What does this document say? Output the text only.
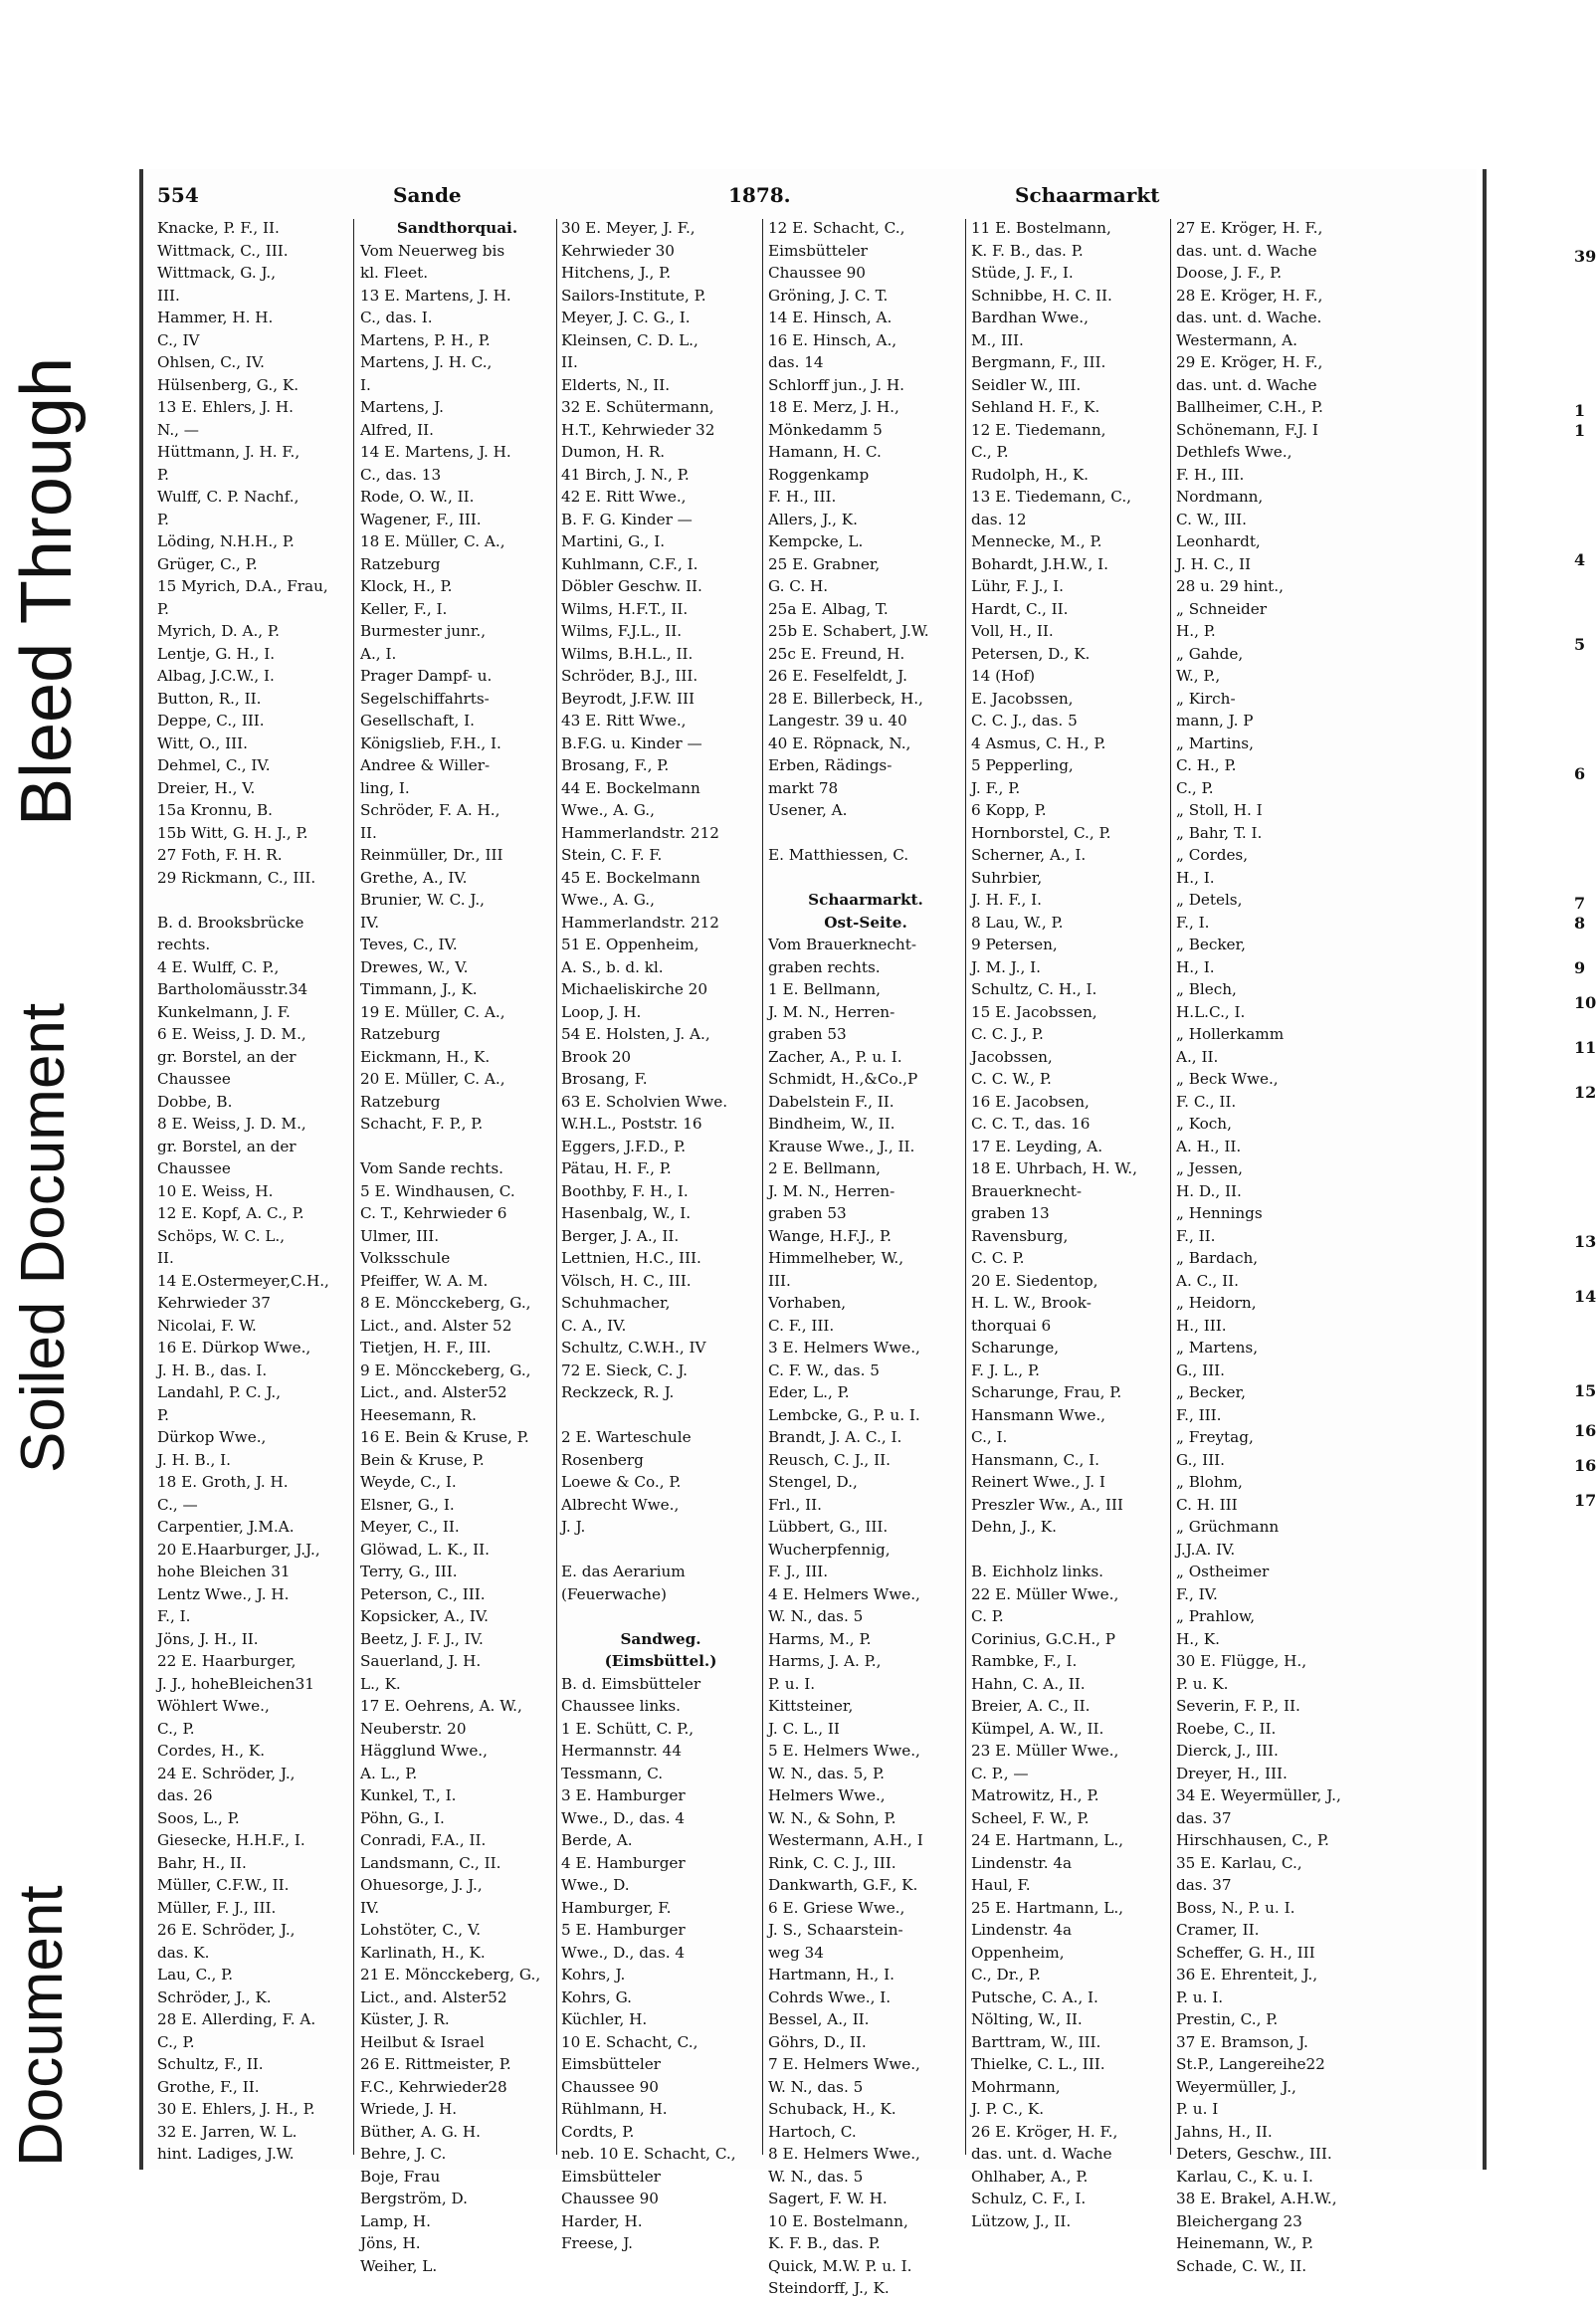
Bleed Through
Soiled Document
Document
39
1
1
4
5
6
7
8
9
10
11
12
13
14
15
16
16
17
554	Sande	1878.	Schaarmarkt
Knacke, P. F., II.
Wittmack, C., III.
Wittmack, G. J.,
III.
Hammer, H. H.
C., IV
Ohlsen, C., IV.
Hülsenberg, G., K.
13 E. Ehlers, J. H.
N., —
Hüttmann, J. H. F.,
P.
Wulff, C. P. Nachf.,
P.
Löding, N.H.H., P.
Grüger, C., P.
15 Myrich, D.A., Frau,
P.
Myrich, D. A., P.
Lentje, G. H., I.
Albag, J.C.W., I.
Button, R., II.
Deppe, C., III.
Witt, O., III.
Dehmel, C., IV.
Dreier, H., V.
15a Kronnu, B.
15b Witt, G. H. J., P.
27 Foth, F. H. R.
29 Rickmann, C., III.

B. d. Brooksbrücke
rechts.
4 E. Wulff, C. P.,
Bartholomäusstr.34
Kunkelmann, J. F.
6 E. Weiss, J. D. M.,
gr. Borstel, an der
Chaussee
Dobbe, B.
8 E. Weiss, J. D. M.,
gr. Borstel, an der
Chaussee
10 E. Weiss, H.
12 E. Kopf, A. C., P.
Schöps, W. C. L.,
II.
14 E.Ostermeyer,C.H.,
Kehrwieder 37
Nicolai, F. W.
16 E. Dürkop Wwe.,
J. H. B., das. I.
Landahl, P. C. J.,
P.
Dürkop Wwe.,
J. H. B., I.
18 E. Groth, J. H.
C., —
Carpentier, J.M.A.
20 E.Haarburger, J.J.,
hohe Bleichen 31
Lentz Wwe., J. H.
F., I.
Jöns, J. H., II.
22 E. Haarburger,
J. J., hoheBleichen31
Wöhlert Wwe.,
C., P.
Cordes, H., K.
24 E. Schröder, J.,
das. 26
Soos, L., P.
Giesecke, H.H.F., I.
Bahr, H., II.
Müller, C.F.W., II.
Müller, F. J., III.
26 E. Schröder, J.,
das. K.
Lau, C., P.
Schröder, J., K.
28 E. Allerding, F. A.
C., P.
Schultz, F., II.
Grothe, F., II.
30 E. Ehlers, J. H., P.
32 E. Jarren, W. L.
hint. Ladiges, J.W.
Sandthorquai.
Vom Neuerweg bis
kl. Fleet.
13 E. Martens, J. H.
C., das. I.
Martens, P. H., P.
Martens, J. H. C.,
I.
Martens, J.
Alfred, II.
14 E. Martens, J. H.
C., das. 13
Rode, O. W., II.
Wagener, F., III.
18 E. Müller, C. A.,
Ratzeburg
Klock, H., P.
Keller, F., I.
Burmester junr.,
A., I.
Prager Dampf- u.
Segelschiffahrts-
Gesellschaft, I.
Königslieb, F.H., I.
Andree & Willer-
ling, I.
Schröder, F. A. H.,
II.
Reinmüller, Dr., III
Grethe, A., IV.
Brunier, W. C. J.,
IV.
Teves, C., IV.
Drewes, W., V.
Timmann, J., K.
19 E. Müller, C. A.,
Ratzeburg
Eickmann, H., K.
20 E. Müller, C. A.,
Ratzeburg
Schacht, F. P., P.

Vom Sande rechts.
5 E. Windhausen, C.
C. T., Kehrwieder 6
Ulmer, III.
Volksschule
Pfeiffer, W. A. M.
8 E. Möncckeberg, G.,
Lict., and. Alster 52
Tietjen, H. F., III.
9 E. Möncckeberg, G.,
Lict., and. Alster52
Heesemann, R.
16 E. Bein & Kruse, P.
Bein & Kruse, P.
Weyde, C., I.
Elsner, G., I.
Meyer, C., II.
Glöwad, L. K., II.
Terry, G., III.
Peterson, C., III.
Kopsicker, A., IV.
Beetz, J. F. J., IV.
Sauerland, J. H.
L., K.
17 E. Oehrens, A. W.,
Neuberstr. 20
Hägglund Wwe.,
A. L., P.
Kunkel, T., I.
Pöhn, G., I.
Conradi, F.A., II.
Landsmann, C., II.
Ohuesorge, J. J.,
IV.
Lohstöter, C., V.
Karlinath, H., K.
21 E. Möncckeberg, G.,
Lict., and. Alster52
Küster, J. R.
Heilbut & Israel
26 E. Rittmeister, P.
F.C., Kehrwieder28
Wriede, J. H.
Büther, A. G. H.
Behre, J. C.
Boje, Frau
Bergström, D.
Lamp, H.
Jöns, H.
Weiher, L.
30 E. Meyer, J. F.,
Kehrwieder 30
Hitchens, J., P.
Sailors-Institute, P.
Meyer, J. C. G., I.
Kleinsen, C. D. L.,
II.
Elderts, N., II.
32 E. Schütermann,
H.T., Kehrwieder 32
Dumon, H. R.
41 Birch, J. N., P.
42 E. Ritt Wwe.,
B. F. G. Kinder —
Martini, G., I.
Kuhlmann, C.F., I.
Döbler Geschw. II.
Wilms, H.F.T., II.
Wilms, F.J.L., II.
Wilms, B.H.L., II.
Schröder, B.J., III.
Beyrodt, J.F.W. III
43 E. Ritt Wwe.,
B.F.G. u. Kinder —
Brosang, F., P.
44 E. Bockelmann
Wwe., A. G.,
Hammerlandstr. 212
Stein, C. F. F.
45 E. Bockelmann
Wwe., A. G.,
Hammerlandstr. 212
51 E. Oppenheim,
A. S., b. d. kl.
Michaeliskirche 20
Loop, J. H.
54 E. Holsten, J. A.,
Brook 20
Brosang, F.
63 E. Scholvien Wwe.
W.H.L., Poststr. 16
Eggers, J.F.D., P.
Pätau, H. F., P.
Boothby, F. H., I.
Hasenbalg, W., I.
Berger, J. A., II.
Lettnien, H.C., III.
Völsch, H. C., III.
Schuhmacher,
C. A., IV.
Schultz, C.W.H., IV
72 E. Sieck, C. J.
Reckzeck, R. J.

2 E. Warteschule
Rosenberg
Loewe & Co., P.
Albrecht Wwe.,
J. J.

E. das Aerarium
(Feuerwache)

Sandweg.
(Eimsbüttel.)
B. d. Eimsbütteler
Chaussee links.
1 E. Schütt, C. P.,
Hermannstr. 44
Tessmann, C.
3 E. Hamburger
Wwe., D., das. 4
Berde, A.
4 E. Hamburger
Wwe., D.
Hamburger, F.
5 E. Hamburger
Wwe., D., das. 4
Kohrs, J.
Kohrs, G.
Küchler, H.
10 E. Schacht, C.,
Eimsbütteler
Chaussee 90
Rühlmann, H.
Cordts, P.
neb. 10 E. Schacht, C.,
Eimsbütteler
Chaussee 90
Harder, H.
Freese, J.
12 E. Schacht, C.,
Eimsbütteler
Chaussee 90
Gröning, J. C. T.
14 E. Hinsch, A.
16 E. Hinsch, A.,
das. 14
Schlorff jun., J. H.
18 E. Merz, J. H.,
Mönkedamm 5
Hamann, H. C.
Roggenkamp
F. H., III.
Allers, J., K.
Kempcke, L.
25 E. Grabner,
G. C. H.
25a E. Albag, T.
25b E. Schabert, J.W.
25c E. Freund, H.
26 E. Feselfeldt, J.
28 E. Billerbeck, H.,
Langestr. 39 u. 40
40 E. Röpnack, N.,
Erben, Rädings-
markt 78
Usener, A.

E. Matthiessen, C.

Schaarmarkt.
Ost-Seite.
Vom Brauerknecht-
graben rechts.
1 E. Bellmann,
J. M. N., Herren-
graben 53
Zacher, A., P. u. I.
Schmidt, H.,&Co.,P
Dabelstein F., II.
Bindheim, W., II.
Krause Wwe., J., II.
2 E. Bellmann,
J. M. N., Herren-
graben 53
Wange, H.F.J., P.
Himmelheber, W.,
III.
Vorhaben,
C. F., III.
3 E. Helmers Wwe.,
C. F. W., das. 5
Eder, L., P.
Lembcke, G., P. u. I.
Brandt, J. A. C., I.
Reusch, C. J., II.
Stengel, D.,
Frl., II.
Lübbert, G., III.
Wucherpfennig,
F. J., III.
4 E. Helmers Wwe.,
W. N., das. 5
Harms, M., P.
Harms, J. A. P.,
P. u. I.
Kittsteiner,
J. C. L., II
5 E. Helmers Wwe.,
W. N., das. 5, P.
Helmers Wwe.,
W. N., & Sohn, P.
Westermann, A.H., I
Rink, C. C. J., III.
Dankwarth, G.F., K.
6 E. Griese Wwe.,
J. S., Schaarstein-
weg 34
Hartmann, H., I.
Cohrds Wwe., I.
Bessel, A., II.
Göhrs, D., II.
7 E. Helmers Wwe.,
W. N., das. 5
Schuback, H., K.
Hartoch, C.
8 E. Helmers Wwe.,
W. N., das. 5
Sagert, F. W. H.
10 E. Bostelmann,
K. F. B., das. P.
Quick, M.W. P. u. I.
Steindorff, J., K.
11 E. Bostelmann,
K. F. B., das. P.
Stüde, J. F., I.
Schnibbe, H. C. II.
Bardhan Wwe.,
M., III.
Bergmann, F., III.
Seidler W., III.
Sehland H. F., K.
12 E. Tiedemann,
C., P.
Rudolph, H., K.
13 E. Tiedemann, C.,
das. 12
Mennecke, M., P.
Bohardt, J.H.W., I.
Lühr, F. J., I.
Hardt, C., II.
Voll, H., II.
Petersen, D., K.
14 (Hof)
E. Jacobssen,
C. C. J., das. 5
4 Asmus, C. H., P.
5 Pepperling,
J. F., P.
6 Kopp, P.
Hornborstel, C., P.
Scherner, A., I.
Suhrbier,
J. H. F., I.
8 Lau, W., P.
9 Petersen,
J. M. J., I.
Schultz, C. H., I.
15 E. Jacobssen,
C. C. J., P.
Jacobssen,
C. C. W., P.
16 E. Jacobsen,
C. C. T., das. 16
17 E. Leyding, A.
18 E. Uhrbach, H. W.,
Brauerknecht-
graben 13
Ravensburg,
C. C. P.
20 E. Siedentop,
H. L. W., Brook-
thorquai 6
Scharunge,
F. J. L., P.
Scharunge, Frau, P.
Hansmann Wwe.,
C., I.
Hansmann, C., I.
Reinert Wwe., J. I
Preszler Ww., A., III
Dehn, J., K.

B. Eichholz links.
22 E. Müller Wwe.,
C. P.
Corinius, G.C.H., P
Rambke, F., I.
Hahn, C. A., II.
Breier, A. C., II.
Kümpel, A. W., II.
23 E. Müller Wwe.,
C. P., —
Matrowitz, H., P.
Scheel, F. W., P.
24 E. Hartmann, L.,
Lindenstr. 4a
Haul, F.
25 E. Hartmann, L.,
Lindenstr. 4a
Oppenheim,
C., Dr., P.
Putsche, C. A., I.
Nölting, W., II.
Barttram, W., III.
Thielke, C. L., III.
Mohrmann,
J. P. C., K.
26 E. Kröger, H. F.,
das. unt. d. Wache
Ohlhaber, A., P.
Schulz, C. F., I.
Lützow, J., II.
27 E. Kröger, H. F.,
das. unt. d. Wache
Doose, J. F., P.
28 E. Kröger, H. F.,
das. unt. d. Wache.
Westermann, A.
29 E. Kröger, H. F.,
das. unt. d. Wache
Ballheimer, C.H., P.
Schönemann, F.J. I
Dethlefs Wwe.,
F. H., III.
Nordmann,
C. W., III.
Leonhardt,
J. H. C., II
28 u. 29 hint.,
„ Schneider
H., P.
„ Gahde,
W., P.,
„ Kirch-
mann, J. P
„ Martins,
C. H., P.
C., P.
„ Stoll, H. I
„ Bahr, T. I.
„ Cordes,
H., I.
„ Detels,
F., I.
„ Becker,
H., I.
„ Blech,
H.L.C., I.
„ Hollerkamm
A., II.
„ Beck Wwe.,
F. C., II.
„ Koch,
A. H., II.
„ Jessen,
H. D., II.
„ Hennings
F., II.
„ Bardach,
A. C., II.
„ Heidorn,
H., III.
„ Martens,
G., III.
„ Becker,
F., III.
„ Freytag,
G., III.
„ Blohm,
C. H. III
„ Grüchmann
J.J.A. IV.
„ Ostheimer
F., IV.
„ Prahlow,
H., K.
30 E. Flügge, H.,
P. u. K.
Severin, F. P., II.
Roebe, C., II.
Dierck, J., III.
Dreyer, H., III.
34 E. Weyermüller, J.,
das. 37
Hirschhausen, C., P.
35 E. Karlau, C.,
das. 37
Boss, N., P. u. I.
Cramer, II.
Scheffer, G. H., III
36 E. Ehrenteit, J.,
P. u. I.
Prestin, C., P.
37 E. Bramson, J.
St.P., Langereihe22
Weyermüller, J.,
P. u. I
Jahns, H., II.
Deters, Geschw., III.
Karlau, C., K. u. I.
38 E. Brakel, A.H.W.,
Bleichergang 23
Heinemann, W., P.
Schade, C. W., II.
